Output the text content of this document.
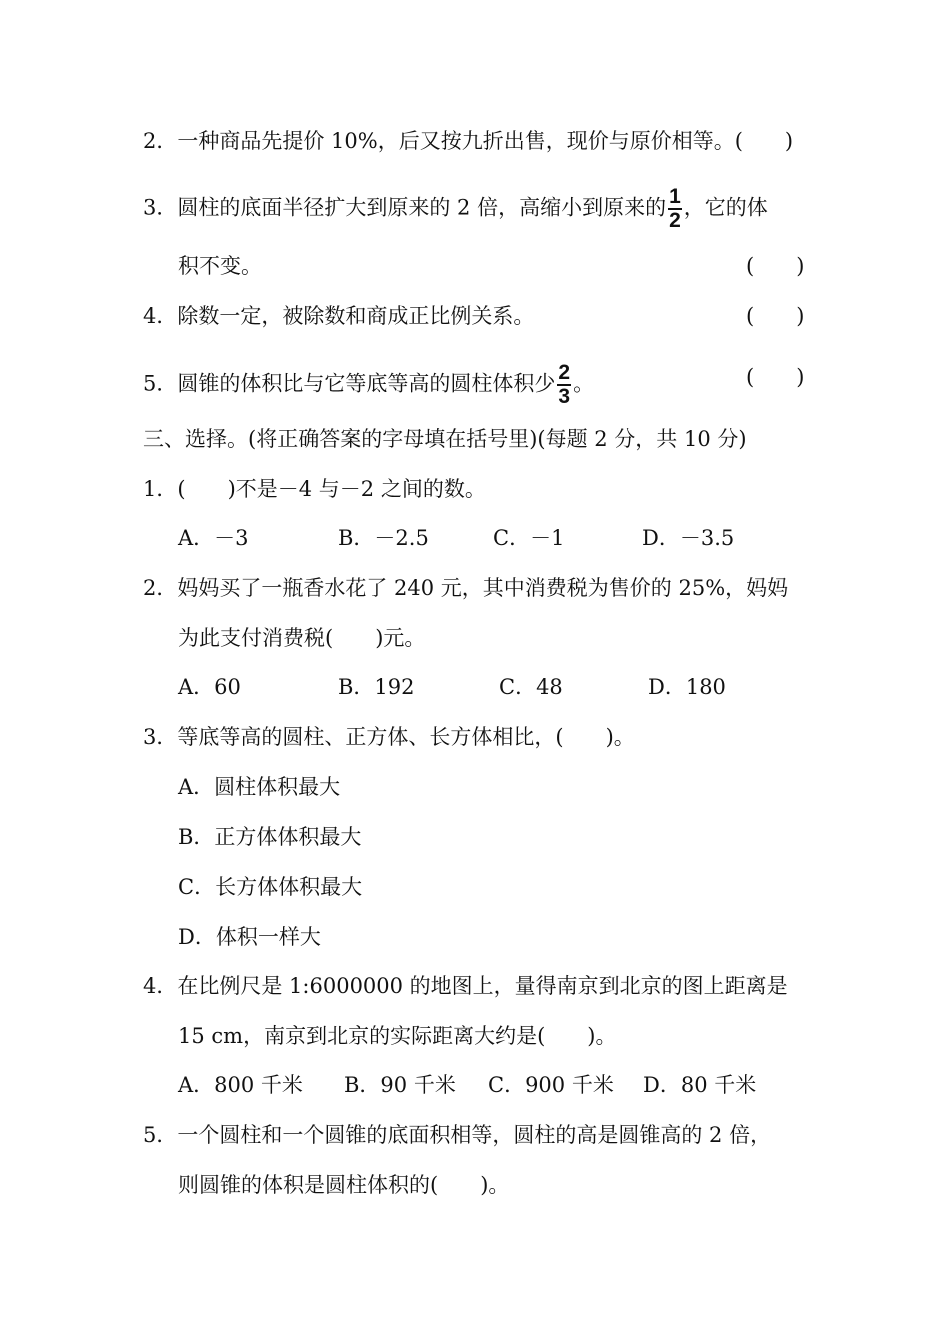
2．一种商品先提价 10%，后又按九折出售，现价与原价相等。(　　)
3．圆柱的底面半径扩大到原来的 2 倍，高缩小到原来的 $\frac{1}{2}$ ，它的体
积不变。	(　　)
4．除数一定，被除数和商成正比例关系。	(　　)
5．圆锥的体积比与它等底等高的圆柱体积少 $\frac{2}{3}$ 。	(　　)
三、选择。(将正确答案的字母填在括号里)(每题 2 分，共 10 分)
1．(　　)不是－4 与－2 之间的数。
A．－3	B．－2.5	C．－1	D．－3.5
2．妈妈买了一瓶香水花了 240 元，其中消费税为售价的 25%，妈妈
为此支付消费税(　　)元。
A．60	B．192	C．48	D．180
3．等底等高的圆柱、正方体、长方体相比，(　　)。
A．圆柱体积最大
B．正方体体积最大
C．长方体体积最大
D．体积一样大
4．在比例尺是 1:6000000 的地图上，量得南京到北京的图上距离是
15 cm，南京到北京的实际距离大约是(　　)。
A．800 千米 B．90 千米 C．900 千米 D．80 千米
5．一个圆柱和一个圆锥的底面积相等，圆柱的高是圆锥高的 2 倍，
则圆锥的体积是圆柱体积的(　　)。
